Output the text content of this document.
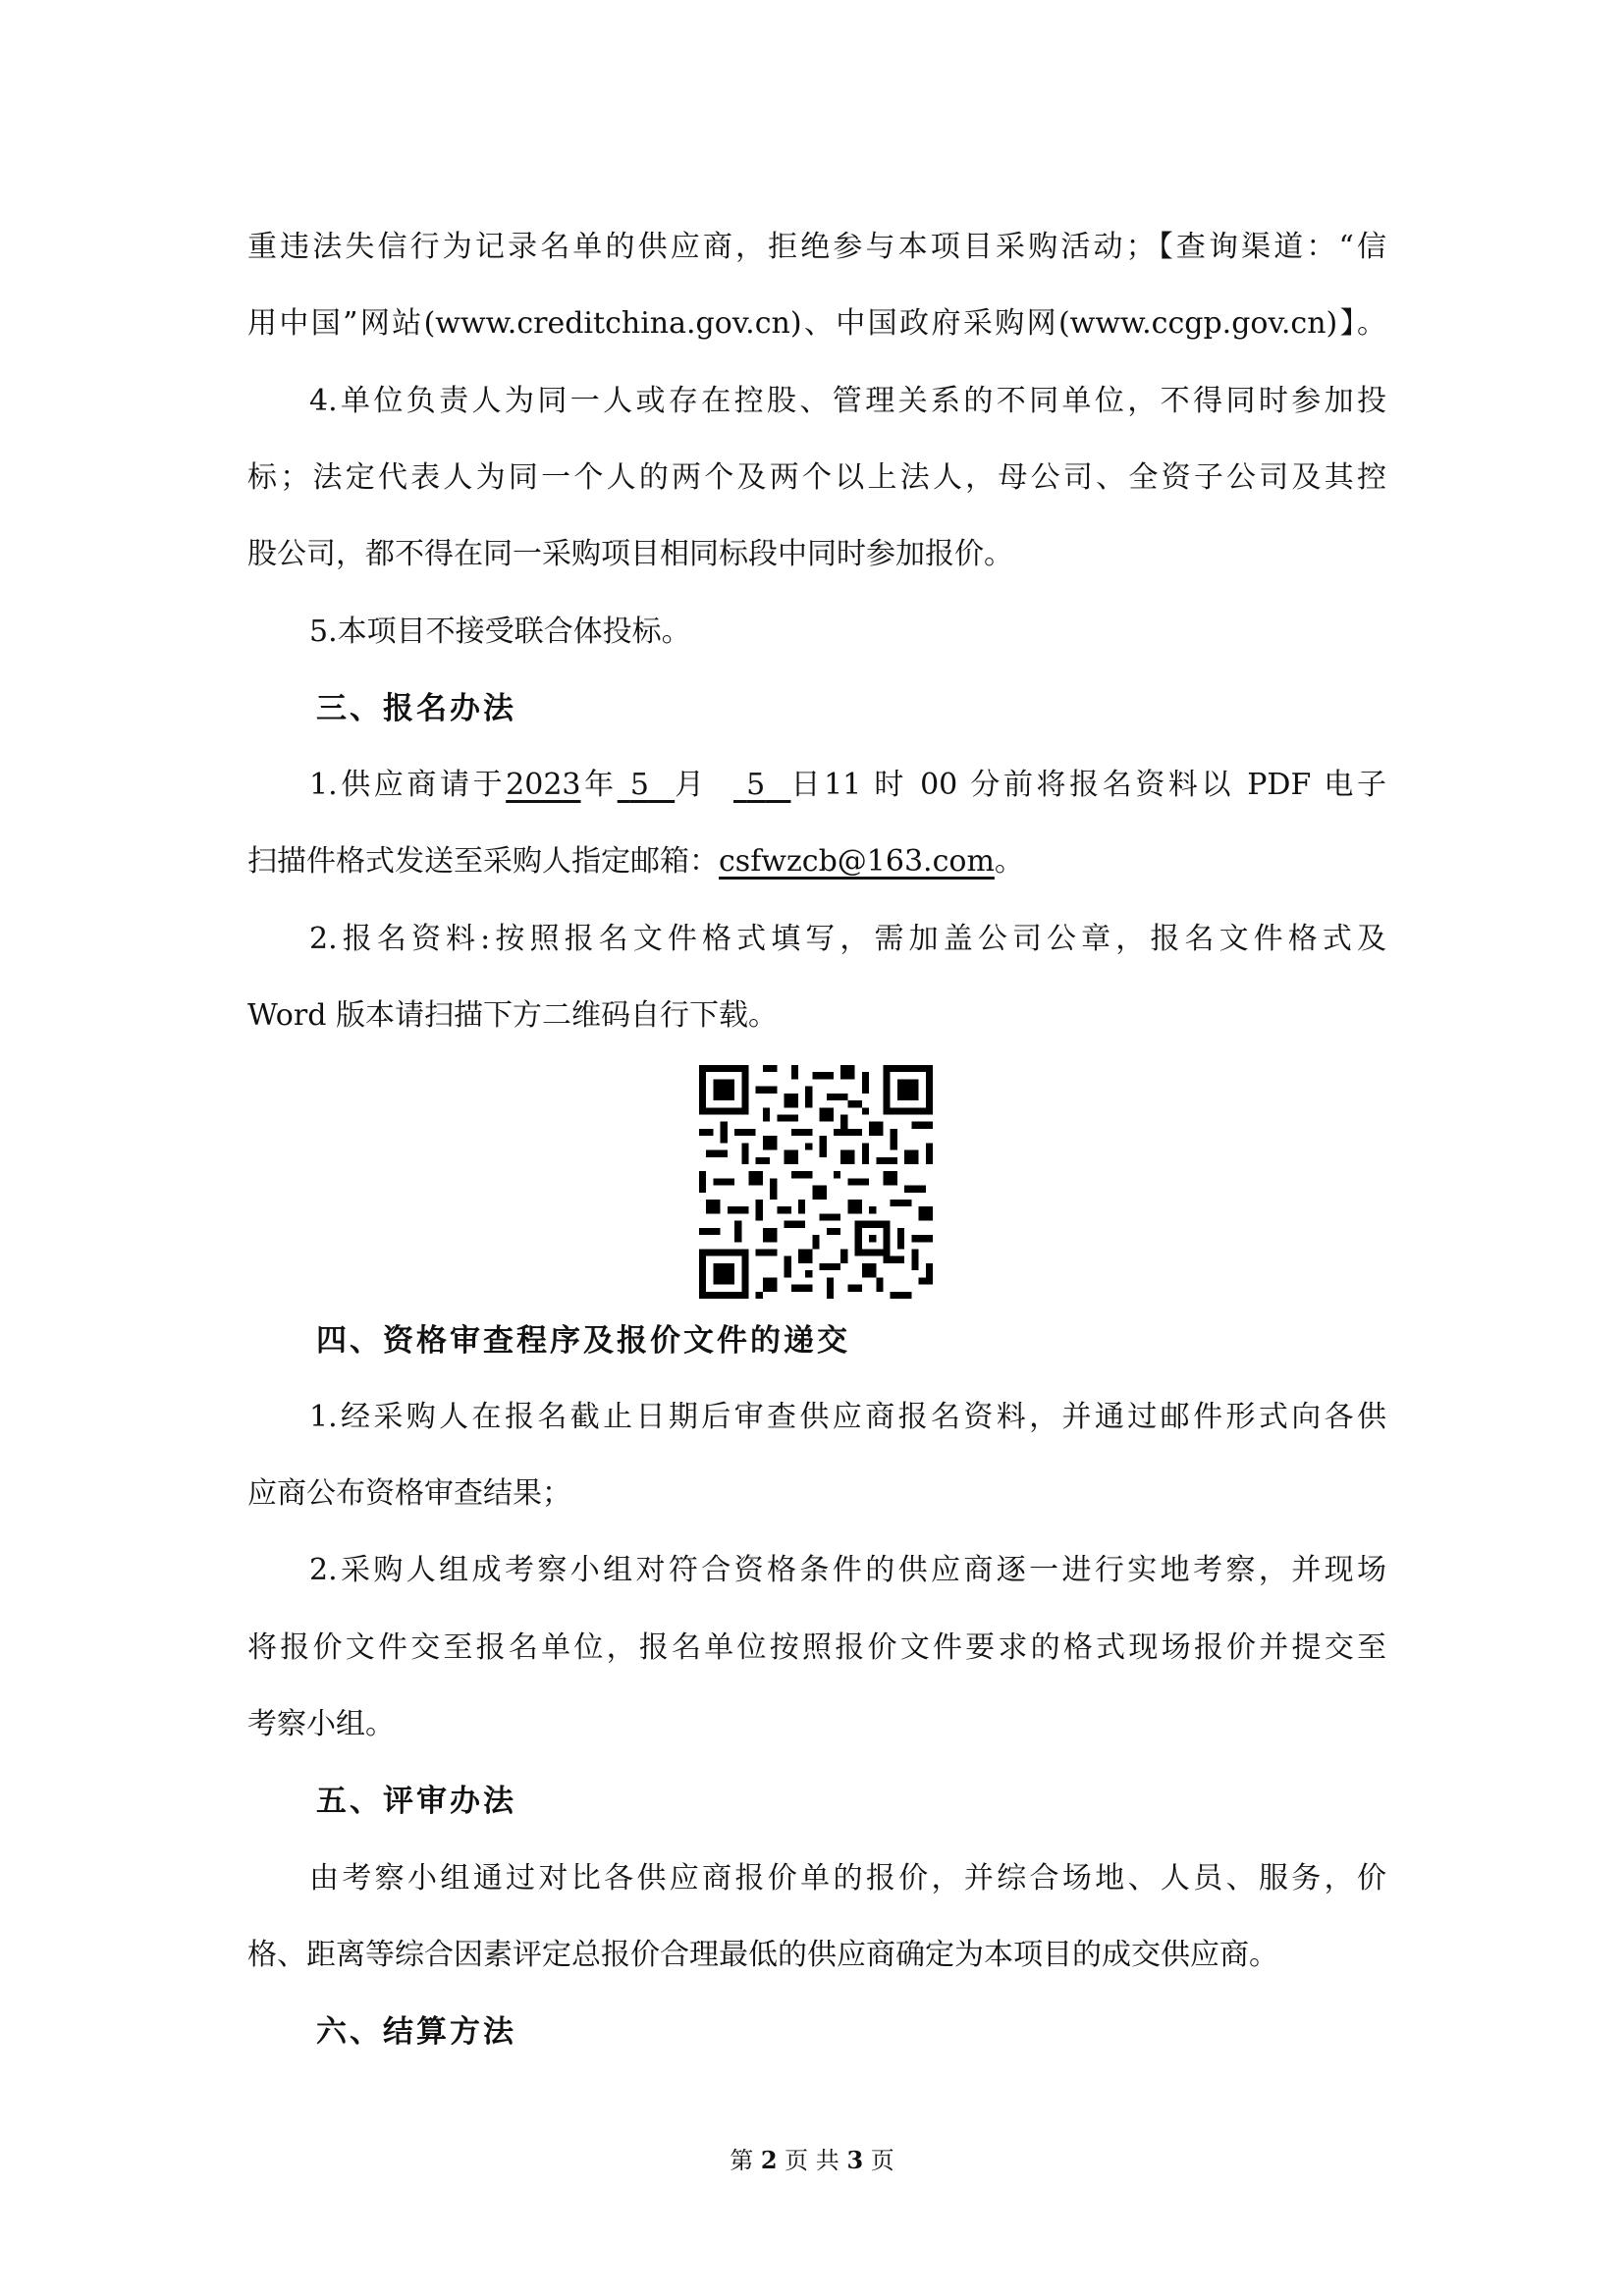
重违法失信行为记录名单的供应商，拒绝参与本项目采购活动；【查询渠道：“信
用中国”网站(www.creditchina.gov.cn)、中国政府采购网(www.ccgp.gov.cn)】。
4.单位负责人为同一人或存在控股、管理关系的不同单位，不得同时参加投
标；法定代表人为同一个人的两个及两个以上法人，母公司、全资子公司及其控
股公司，都不得在同一采购项目相同标段中同时参加报价。
5.本项目不接受联合体投标。
三、报名办法
1.供应商请于2023年 5 月 5 日11 时 00 分前将报名资料以 PDF 电子
扫描件格式发送至采购人指定邮箱：csfwzcb@163.com。
2.报名资料:按照报名文件格式填写，需加盖公司公章，报名文件格式及
Word 版本请扫描下方二维码自行下载。
四、资格审查程序及报价文件的递交
1.经采购人在报名截止日期后审查供应商报名资料，并通过邮件形式向各供
应商公布资格审查结果；
2.采购人组成考察小组对符合资格条件的供应商逐一进行实地考察，并现场
将报价文件交至报名单位，报名单位按照报价文件要求的格式现场报价并提交至
考察小组。
五、评审办法
由考察小组通过对比各供应商报价单的报价，并综合场地、人员、服务，价
格、距离等综合因素评定总报价合理最低的供应商确定为本项目的成交供应商。
六、结算方法
第 2 页 共 3 页
